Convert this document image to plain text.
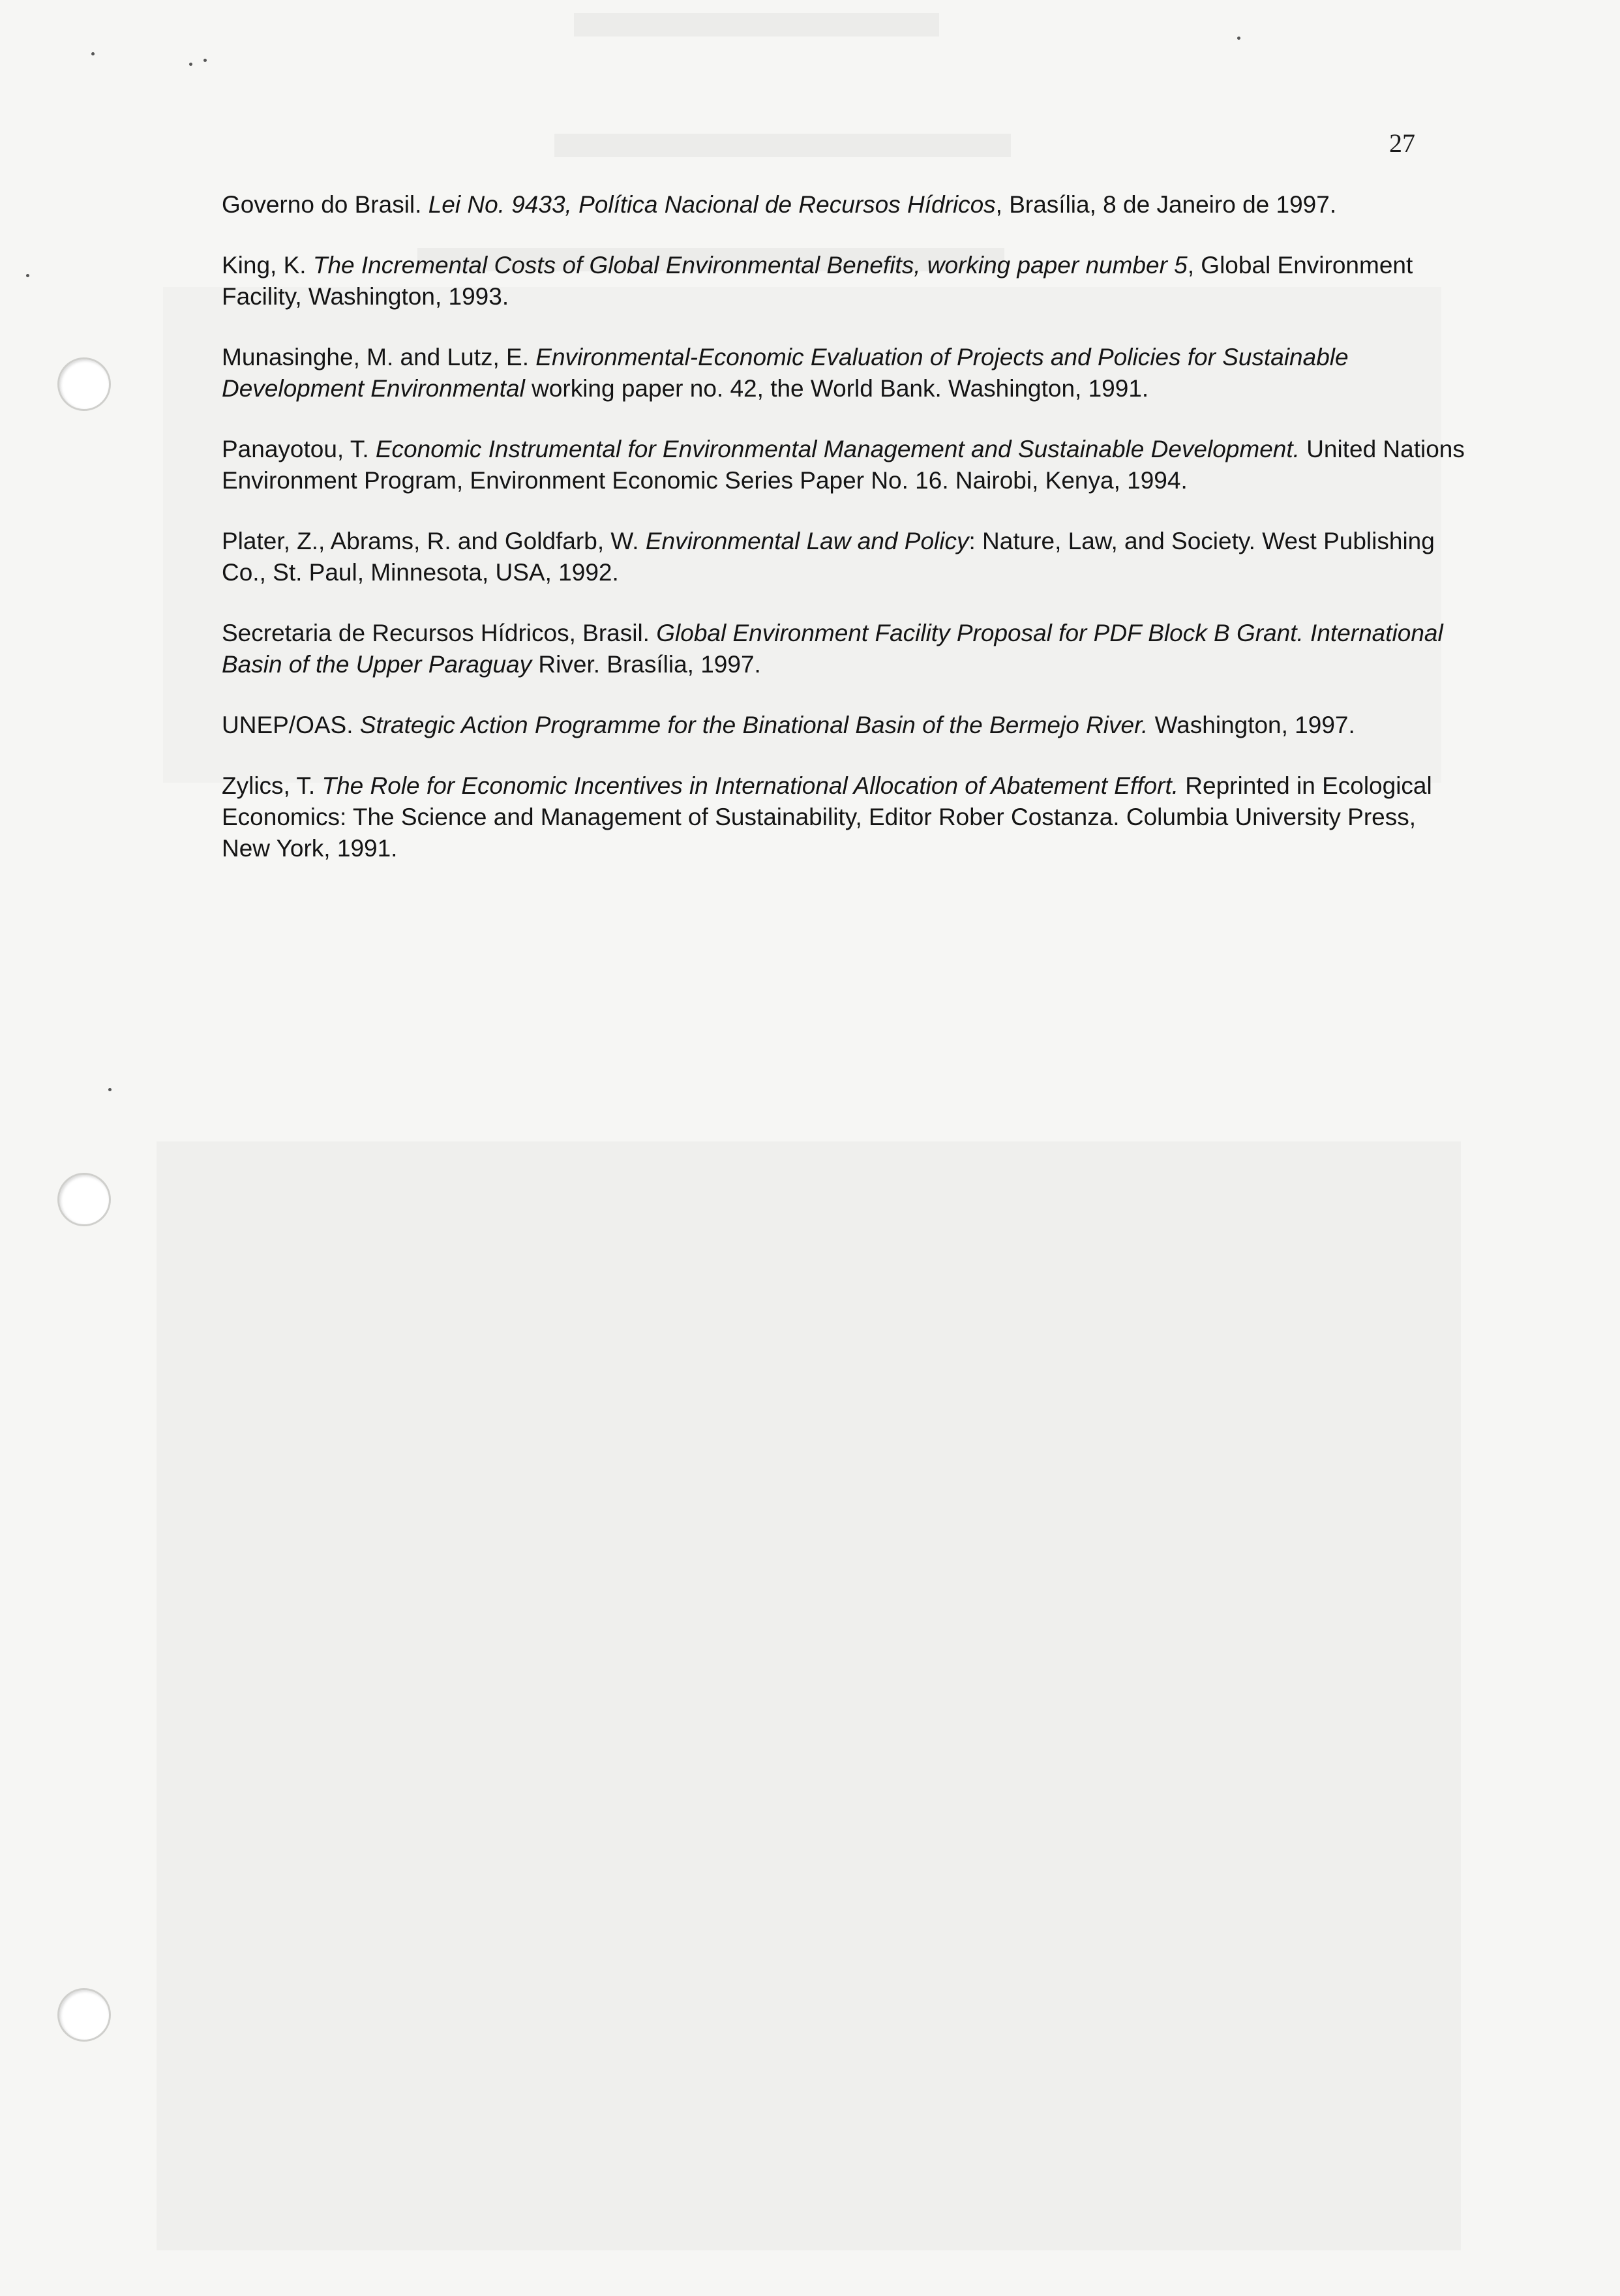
27

Governo do Brasil. Lei No. 9433, Política Nacional de Recursos Hídricos, Brasília, 8 de Janeiro de 1997.

King, K. The Incremental Costs of Global Environmental Benefits, working paper number 5, Global Environment Facility, Washington, 1993.

Munasinghe, M. and Lutz, E. Environmental-Economic Evaluation of Projects and Policies for Sustainable Development Environmental working paper no. 42, the World Bank. Washington, 1991.

Panayotou, T. Economic Instrumental for Environmental Management and Sustainable Development. United Nations Environment Program, Environment Economic Series Paper No. 16. Nairobi, Kenya, 1994.

Plater, Z., Abrams, R. and Goldfarb, W. Environmental Law and Policy: Nature, Law, and Society. West Publishing Co., St. Paul, Minnesota, USA, 1992.

Secretaria de Recursos Hídricos, Brasil. Global Environment Facility Proposal for PDF Block B Grant. International Basin of the Upper Paraguay River. Brasília, 1997.

UNEP/OAS. Strategic Action Programme for the Binational Basin of the Bermejo River. Washington, 1997.

Zylics, T. The Role for Economic Incentives in International Allocation of Abatement Effort. Reprinted in Ecological Economics: The Science and Management of Sustainability, Editor Rober Costanza. Columbia University Press, New York, 1991.
